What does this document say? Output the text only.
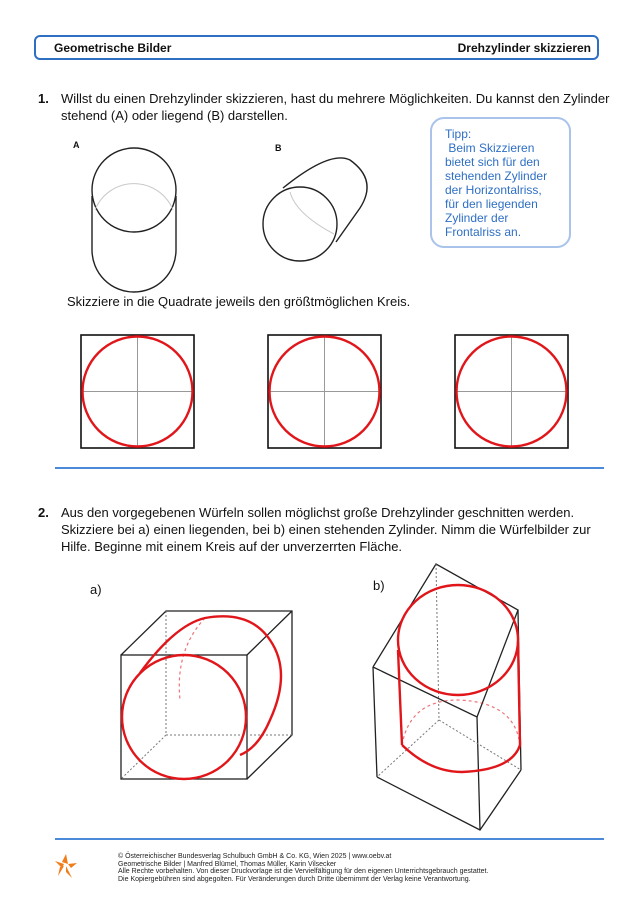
Geometrische Bilder	Drehzylinder skizzieren
1. Willst du einen Drehzylinder skizzieren, hast du mehrere Möglichkeiten. Du kannst den Zylinder
stehend (A) oder liegend (B) darstellen.
A	B
Tipp:
Beim Skizzieren
bietet sich für den
stehenden Zylinder
der Horizontalriss,
für den liegenden
Zylinder der
Frontalriss an.
Skizziere in die Quadrate jeweils den größtmöglichen Kreis.
2. Aus den vorgegebenen Würfeln sollen möglichst große Drehzylinder geschnitten werden.
Skizziere bei a) einen liegenden, bei b) einen stehenden Zylinder. Nimm die Würfelbilder zur
Hilfe. Beginne mit einem Kreis auf der unverzerrten Fläche.
a)	b)
© Österreichischer Bundesverlag Schulbuch GmbH & Co. KG, Wien 2025 | www.oebv.at
Geometrische Bilder | Manfred Blümel, Thomas Müller, Karin Vilsecker
Alle Rechte vorbehalten. Von dieser Druckvorlage ist die Vervielfältigung für den eigenen Unterrichtsgebrauch gestattet.
Die Kopiergebühren sind abgegolten. Für Veränderungen durch Dritte übernimmt der Verlag keine Verantwortung.
